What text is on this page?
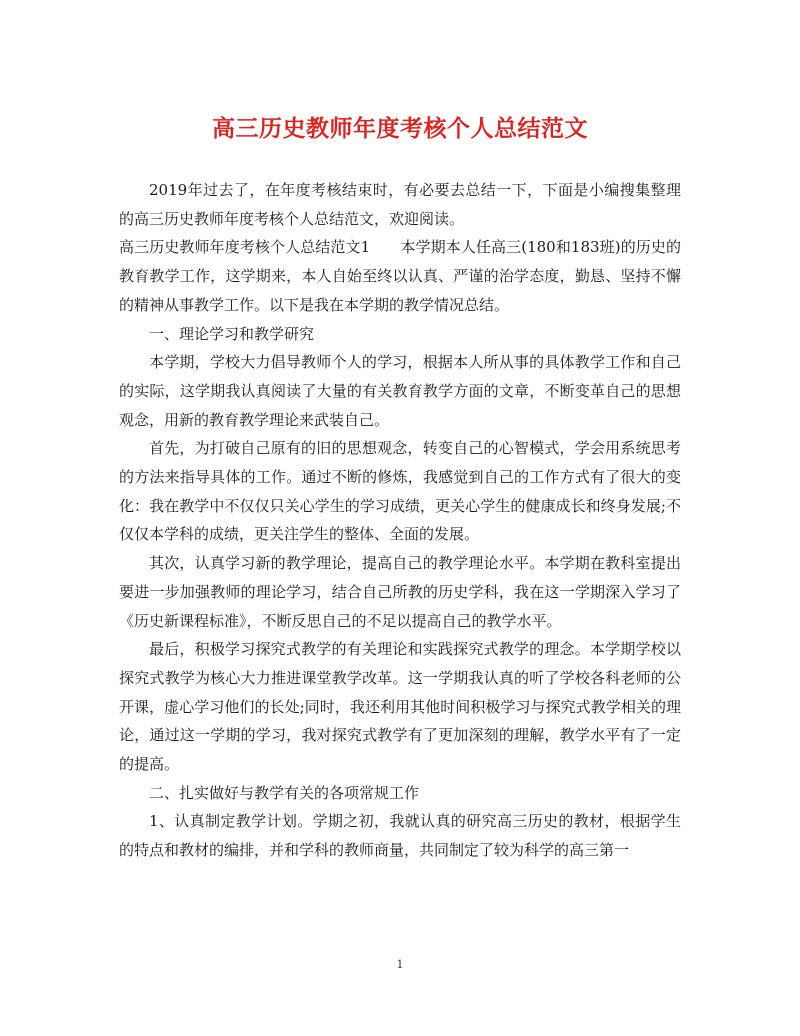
高三历史教师年度考核个人总结范文

2019年过去了，在年度考核结束时，有必要去总结一下，下面是小编搜集整理的高三历史教师年度考核个人总结范文，欢迎阅读。

高三历史教师年度考核个人总结范文1　　本学期本人任高三(180和183班)的历史的教育教学工作，这学期来，本人自始至终以认真、严谨的治学态度，勤恳、坚持不懈的精神从事教学工作。以下是我在本学期的教学情况总结。

一、理论学习和教学研究

本学期，学校大力倡导教师个人的学习，根据本人所从事的具体教学工作和自己的实际，这学期我认真阅读了大量的有关教育教学方面的文章，不断变革自己的思想观念，用新的教育教学理论来武装自己。

首先，为打破自己原有的旧的思想观念，转变自己的心智模式，学会用系统思考的方法来指导具体的工作。通过不断的修炼，我感觉到自己的工作方式有了很大的变化：我在教学中不仅仅只关心学生的学习成绩，更关心学生的健康成长和终身发展;不仅仅本学科的成绩，更关注学生的整体、全面的发展。

其次，认真学习新的教学理论，提高自己的教学理论水平。本学期在教科室提出要进一步加强教师的理论学习，结合自己所教的历史学科，我在这一学期深入学习了《历史新课程标准》，不断反思自己的不足以提高自己的教学水平。

最后，积极学习探究式教学的有关理论和实践探究式教学的理念。本学期学校以探究式教学为核心大力推进课堂教学改革。这一学期我认真的听了学校各科老师的公开课，虚心学习他们的长处;同时，我还利用其他时间积极学习与探究式教学相关的理论，通过这一学期的学习，我对探究式教学有了更加深刻的理解，教学水平有了一定的提高。

二、扎实做好与教学有关的各项常规工作

1、认真制定教学计划。学期之初，我就认真的研究高三历史的教材，根据学生的特点和教材的编排，并和学科的教师商量，共同制定了较为科学的高三第一

1
